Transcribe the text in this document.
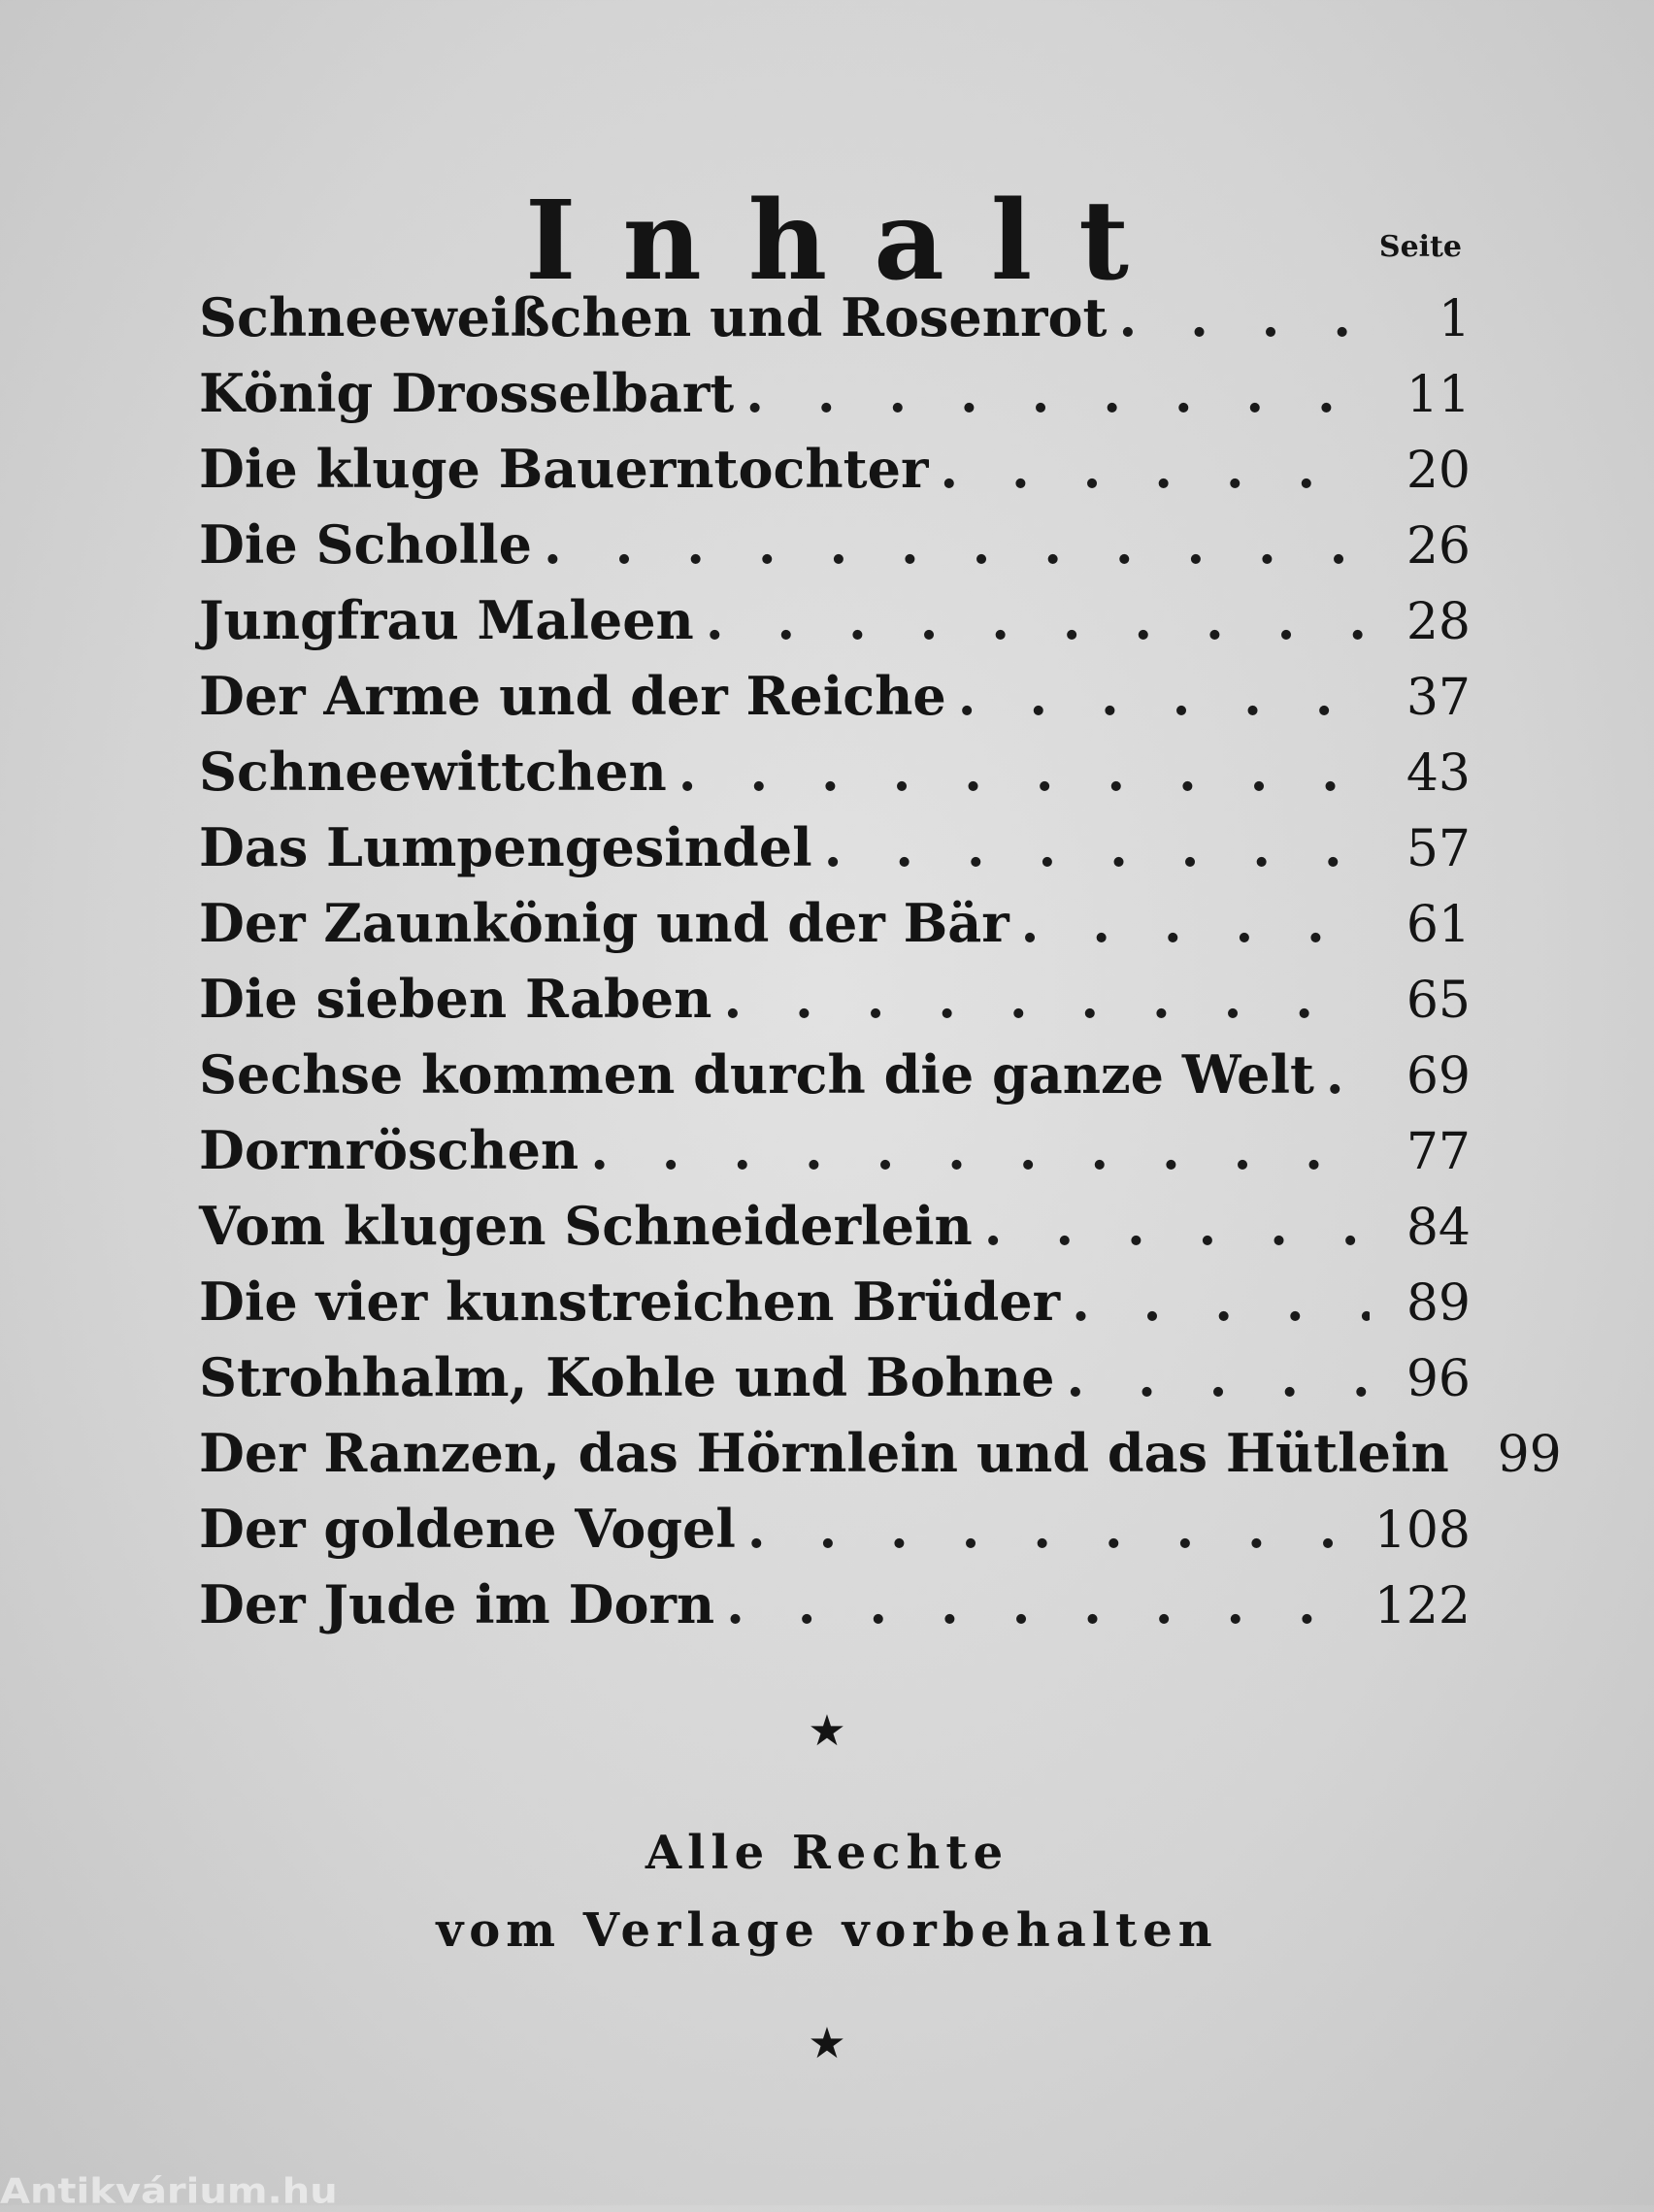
Inhalt	Seite
Schneeweißchen und Rosenrot . . .	1
König Drosselbart . . .	11
Die kluge Bauerntochter . . .	20
Die Scholle . . .	26
Jungfrau Maleen . . .	28
Der Arme und der Reiche . . .	37
Schneewittchen . . .	43
Das Lumpengesindel . . .	57
Der Zaunkönig und der Bär . . .	61
Die sieben Raben . . .	65
Sechse kommen durch die ganze Welt . . .	69
Dornröschen . . .	77
Vom klugen Schneiderlein . . .	84
Die vier kunstreichen Brüder . . .	89
Strohhalm, Kohle und Bohne . . .	96
Der Ranzen, das Hörnlein und das Hütlein 99
Der goldene Vogel . . .	108
Der Jude im Dorn . . .	122
★
Alle Rechte
vom Verlage vorbehalten
★
Antikvárium.hu
